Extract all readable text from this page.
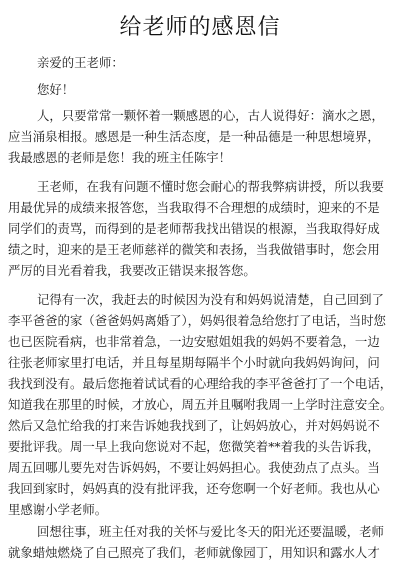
给老师的感恩信
亲爱的王老师：
您好！
人，只要常常一颗怀着一颗感恩的心，古人说得好：滴水之恩，
应当涌泉相报。感恩是一种生活态度，是一种品德是一种思想境界，
我最感恩的老师是您！我的班主任陈宇！
王老师，在我有问题不懂时您会耐心的帮我弊病讲授，所以我要
用最优异的成绩来报答您，当我取得不合理想的成绩时，迎来的不是
同学们的责骂，而得到的是老师帮我找出错误的根源，当我取得好成
绩之时，迎来的是王老师慈祥的微笑和表扬，当我做错事时，您会用
严厉的目光看着我，我要改正错误来报答您。
记得有一次，我赶去的时候因为没有和妈妈说清楚，自己回到了
李平爸爸的家（爸爸妈妈离婚了），妈妈很着急给您打了电话，当时您
也已医院看病，也非常着急，一边安慰姐姐我的妈妈不要着急，一边
往张老师家里打电话，并且每星期每隔半个小时就向我妈妈询问，问
我找到没有。最后您拖着试试看的心理给我的李平爸爸打了一个电话，
知道我在那里的时候，才放心，周五并且嘱咐我周一上学时注意安全。
然后又急忙给我的打来告诉她我找到了，让妈妈放心，并对妈妈说不
要批评我。周一早上我向您说对不起，您微笑着**着我的头告诉我，
周五回哪儿要先对告诉妈妈，不要让妈妈担心。我使劲点了点头。当
我回到家时，妈妈真的没有批评我，还夸您啊一个好老师。我也从心
里感谢小学老师。
回想往事，班主任对我的关怀与爱比冬天的阳光还要温暖，老师
就象蜡烛燃烧了自己照亮了我们，老师就像园丁，用知识和露水人才
